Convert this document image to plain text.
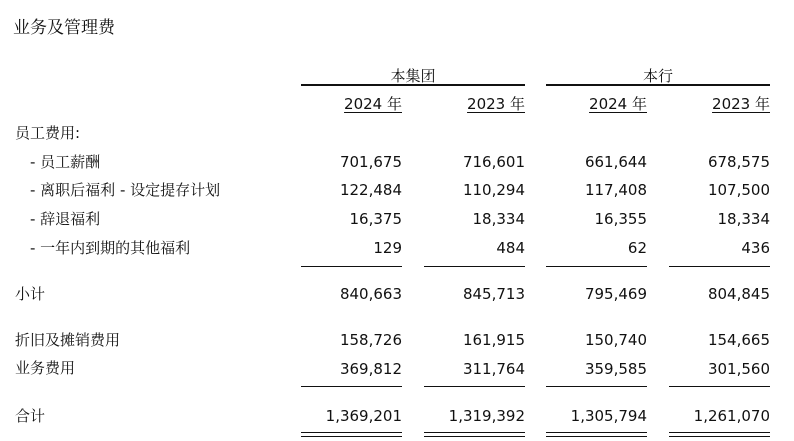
业务及管理费
本集团	本行
2024 年	2023 年	2024 年	2023 年
员工费用:
- 员工薪酬	701,675	716,601	661,644	678,575
- 离职后福利 - 设定提存计划	122,484	110,294	117,408	107,500
- 辞退福利	16,375	18,334	16,355	18,334
- 一年内到期的其他福利	129	484	62	436
小计	840,663	845,713	795,469	804,845
折旧及摊销费用	158,726	161,915	150,740	154,665
业务费用	369,812	311,764	359,585	301,560
合计	1,369,201	1,319,392	1,305,794	1,261,070
